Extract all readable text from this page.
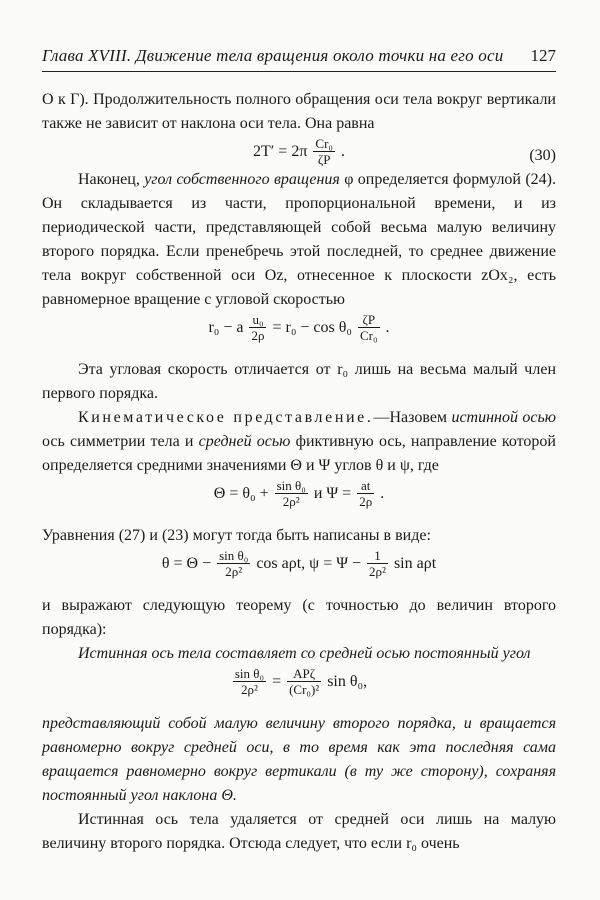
Глава XVIII. Движение тела вращения около точки на его оси 127

О к Г). Продолжительность полного обращения оси тела вокруг вертикали также не зависит от наклона оси тела. Она равна

$2T' = 2\pi \frac{\text{Cr₀}}{\zeta P}$ .	(30)

Наконец, угол собственного вращения φ определяется формулой (24). Он складывается из части, пропорциональной времени, и из периодической части, представляющей собой весьма малую величину второго порядка. Если пренебречь этой последней, то среднее движение тела вокруг собственной оси Oz, отнесенное к плоскости zOx₂, есть равномерное вращение с угловой скоростью

r₀ − a $\frac{\text{u₀}}{2\rho} = r_0 - \cos \theta_0 \frac{\zeta P}{\text{Cr₀}}$ .

Эта угловая скорость отличается от r₀ лишь на весьма малый член первого порядка.

Кинематическое представление.—Назовем истинной осью ось симметрии тела и средней осью фиктивную ось, направление которой определяется средними значениями Θ и Ψ углов θ и ψ, где

$\Theta = \theta_0 + \frac{\text{sin θ₀}}{\text{2ρ²}}$ и $\Psi = \frac{at}{2\rho}$ .

Уравнения (27) и (23) могут тогда быть написаны в виде:

$\theta = \Theta - \frac{\text{sin θ₀}}{\text{2ρ²}}$ cos aρt, $\psi = \Psi - \frac{1}{\text{2ρ²}}$ sin aρt

и выражают следующую теорему (с точностью до величин второго порядка):

Истинная ось тела составляет со средней осью постоянный угол

$\frac{\text{sin θ₀}}{\text{2ρ²}} = \frac{\text{APζ}}{\text{(Cr₀)²}}$ sin θ₀,

представляющий собой малую величину второго порядка, и вращается равномерно вокруг средней оси, в то время как эта последняя сама вращается равномерно вокруг вертикали (в ту же сторону), сохраняя постоянный угол наклона Θ.

Истинная ось тела удаляется от средней оси лишь на малую величину второго порядка. Отсюда следует, что если r₀ очень
